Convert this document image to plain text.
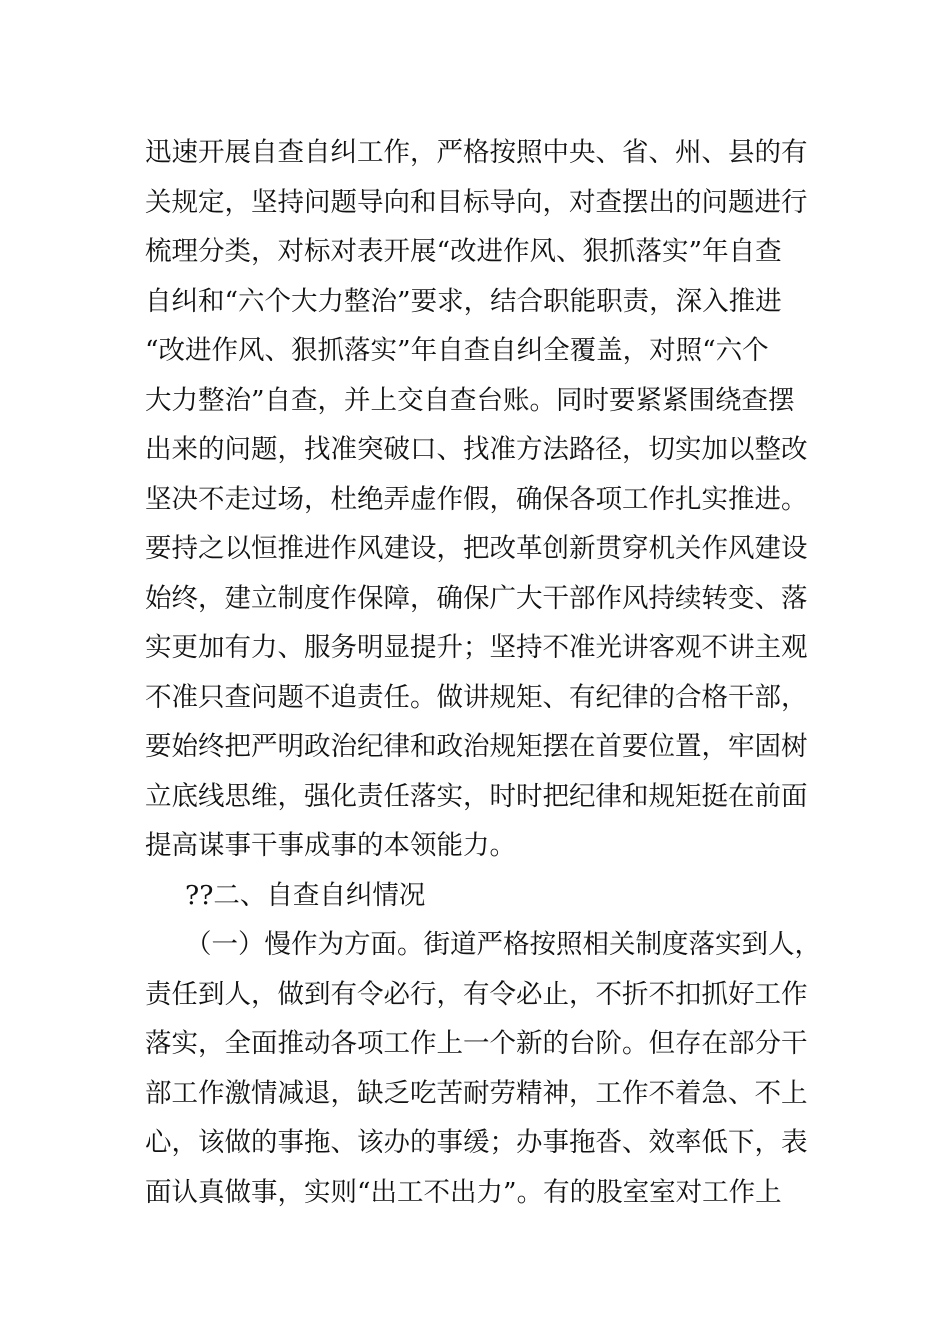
迅速开展自查自纠工作，严格按照中央、省、州、县的有
关规定，坚持问题导向和目标导向，对查摆出的问题进行
梳理分类，对标对表开展“改进作风、狠抓落实”年自查
自纠和“六个大力整治”要求，结合职能职责，深入推进
“改进作风、狠抓落实”年自查自纠全覆盖，对照“六个
大力整治”自查，并上交自查台账。同时要紧紧围绕查摆
出来的问题，找准突破口、找准方法路径，切实加以整改
坚决不走过场，杜绝弄虚作假，确保各项工作扎实推进。
要持之以恒推进作风建设，把改革创新贯穿机关作风建设
始终，建立制度作保障，确保广大干部作风持续转变、落
实更加有力、服务明显提升；坚持不准光讲客观不讲主观
不准只查问题不追责任。做讲规矩、有纪律的合格干部，
要始终把严明政治纪律和政治规矩摆在首要位置，牢固树
立底线思维，强化责任落实，时时把纪律和规矩挺在前面
提高谋事干事成事的本领能力。
??二、自查自纠情况
（一）慢作为方面。街道严格按照相关制度落实到人，
责任到人，做到有令必行，有令必止，不折不扣抓好工作
落实，全面推动各项工作上一个新的台阶。但存在部分干
部工作激情减退，缺乏吃苦耐劳精神，工作不着急、不上
心，该做的事拖、该办的事缓；办事拖沓、效率低下，表
面认真做事，实则“出工不出力”。有的股室室对工作上
